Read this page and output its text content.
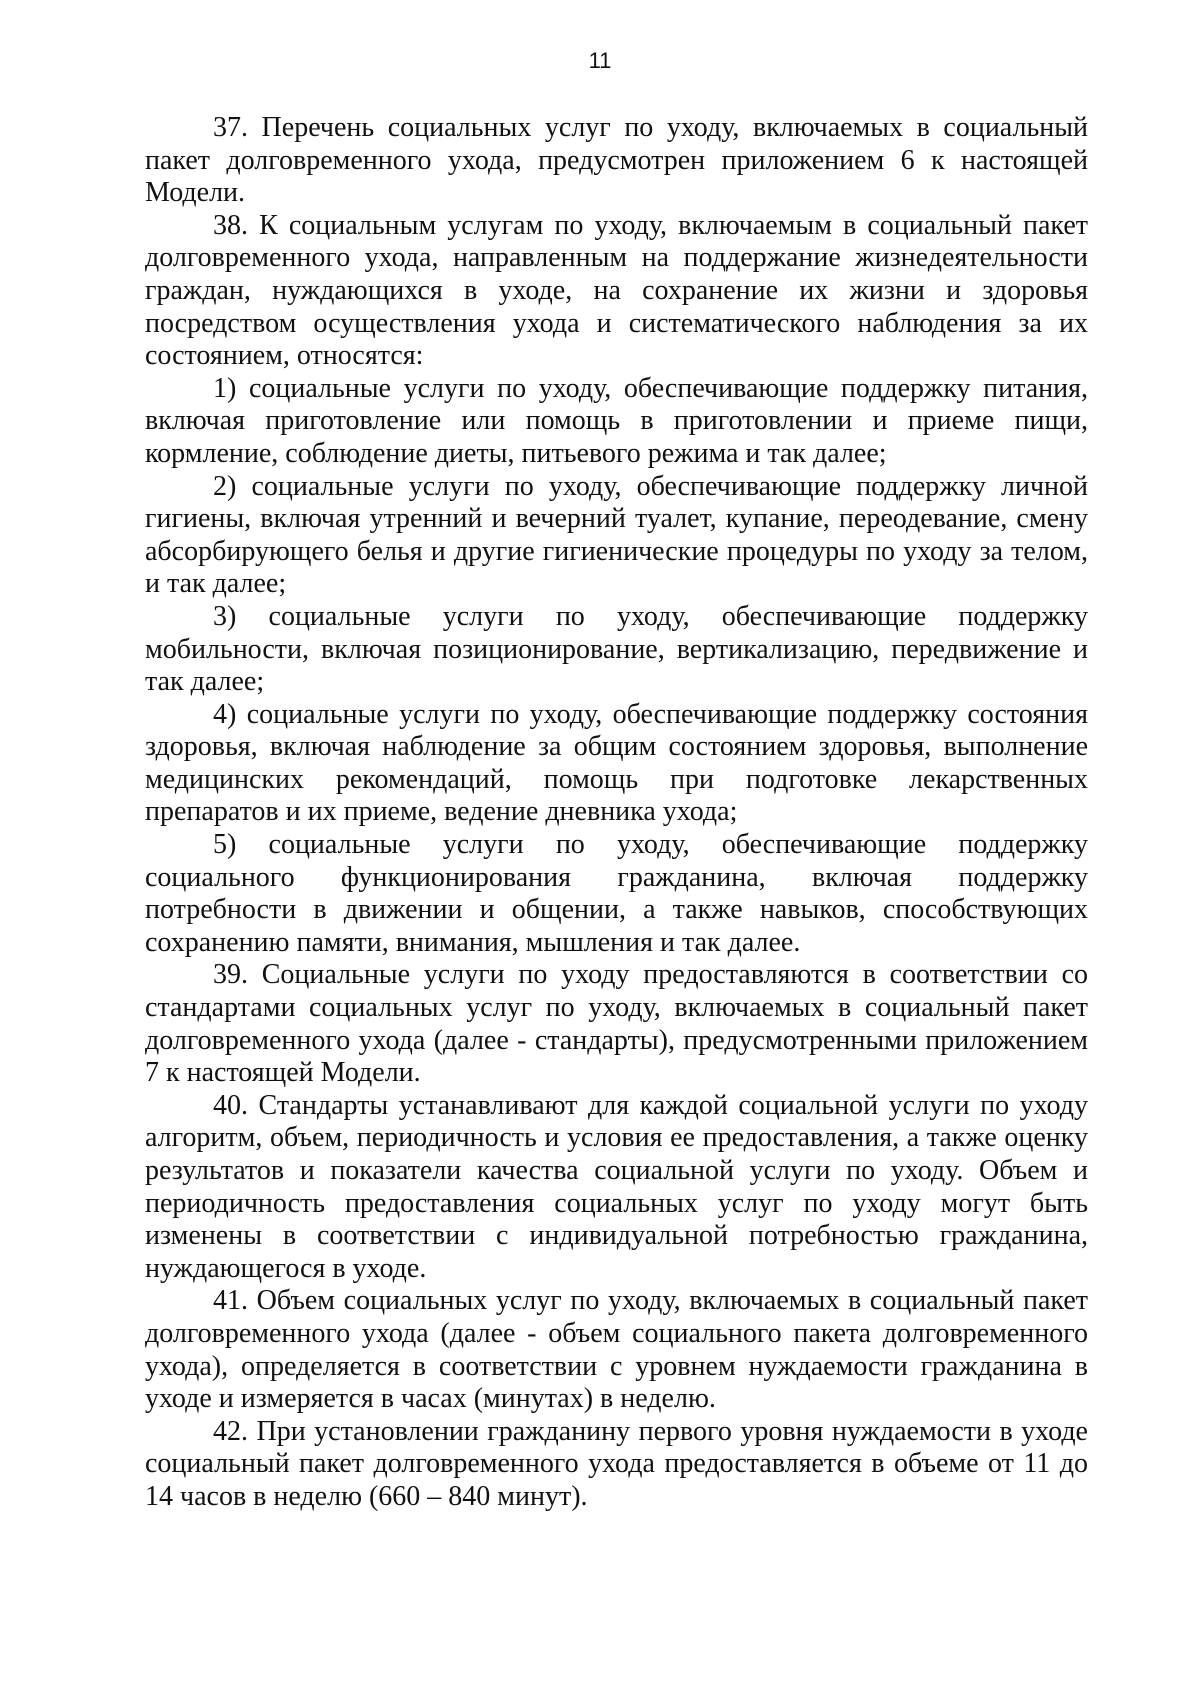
11

37. Перечень социальных услуг по уходу, включаемых в социальный пакет долговременного ухода, предусмотрен приложением 6 к настоящей Модели.

38. К социальным услугам по уходу, включаемым в социальный пакет долговременного ухода, направленным на поддержание жизнедеятельности граждан, нуждающихся в уходе, на сохранение их жизни и здоровья посредством осуществления ухода и систематического наблюдения за их состоянием, относятся:

1) социальные услуги по уходу, обеспечивающие поддержку питания, включая приготовление или помощь в приготовлении и приеме пищи, кормление, соблюдение диеты, питьевого режима и так далее;

2) социальные услуги по уходу, обеспечивающие поддержку личной гигиены, включая утренний и вечерний туалет, купание, переодевание, смену абсорбирующего белья и другие гигиенические процедуры по уходу за телом, и так далее;

3) социальные услуги по уходу, обеспечивающие поддержку мобильности, включая позиционирование, вертикализацию, передвижение и так далее;

4) социальные услуги по уходу, обеспечивающие поддержку состояния здоровья, включая наблюдение за общим состоянием здоровья, выполнение медицинских рекомендаций, помощь при подготовке лекарственных препаратов и их приеме, ведение дневника ухода;

5) социальные услуги по уходу, обеспечивающие поддержку социального функционирования гражданина, включая поддержку потребности в движении и общении, а также навыков, способствующих сохранению памяти, внимания, мышления и так далее.

39. Социальные услуги по уходу предоставляются в соответствии со стандартами социальных услуг по уходу, включаемых в социальный пакет долговременного ухода (далее - стандарты), предусмотренными приложением 7 к настоящей Модели.

40. Стандарты устанавливают для каждой социальной услуги по уходу алгоритм, объем, периодичность и условия ее предоставления, а также оценку результатов и показатели качества социальной услуги по уходу. Объем и периодичность предоставления социальных услуг по уходу могут быть изменены в соответствии с индивидуальной потребностью гражданина, нуждающегося в уходе.

41. Объем социальных услуг по уходу, включаемых в социальный пакет долговременного ухода (далее - объем социального пакета долговременного ухода), определяется в соответствии с уровнем нуждаемости гражданина в уходе и измеряется в часах (минутах) в неделю.

42. При установлении гражданину первого уровня нуждаемости в уходе социальный пакет долговременного ухода предоставляется в объеме от 11 до 14 часов в неделю (660 – 840 минут).
